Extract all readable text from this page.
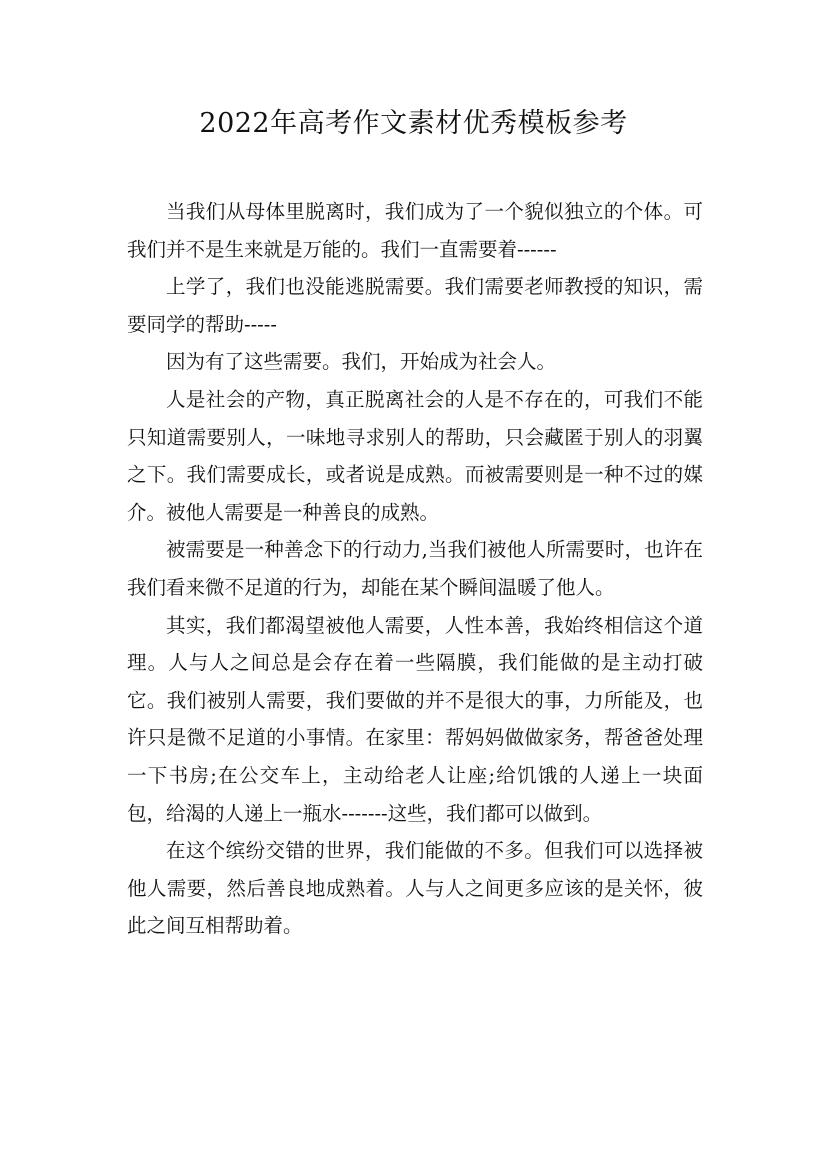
2022年高考作文素材优秀模板参考

当我们从母体里脱离时，我们成为了一个貌似独立的个体。可我们并不是生来就是万能的。我们一直需要着------

上学了，我们也没能逃脱需要。我们需要老师教授的知识，需要同学的帮助-----

因为有了这些需要。我们，开始成为社会人。

人是社会的产物，真正脱离社会的人是不存在的，可我们不能只知道需要别人，一味地寻求别人的帮助，只会藏匿于别人的羽翼之下。我们需要成长，或者说是成熟。而被需要则是一种不过的媒介。被他人需要是一种善良的成熟。

被需要是一种善念下的行动力,当我们被他人所需要时，也许在我们看来微不足道的行为，却能在某个瞬间温暖了他人。

其实，我们都渴望被他人需要，人性本善，我始终相信这个道理。人与人之间总是会存在着一些隔膜，我们能做的是主动打破它。我们被别人需要，我们要做的并不是很大的事，力所能及，也许只是微不足道的小事情。在家里：帮妈妈做做家务，帮爸爸处理一下书房;在公交车上，主动给老人让座;给饥饿的人递上一块面包，给渴的人递上一瓶水-------这些，我们都可以做到。

在这个缤纷交错的世界，我们能做的不多。但我们可以选择被他人需要，然后善良地成熟着。人与人之间更多应该的是关怀，彼此之间互相帮助着。
